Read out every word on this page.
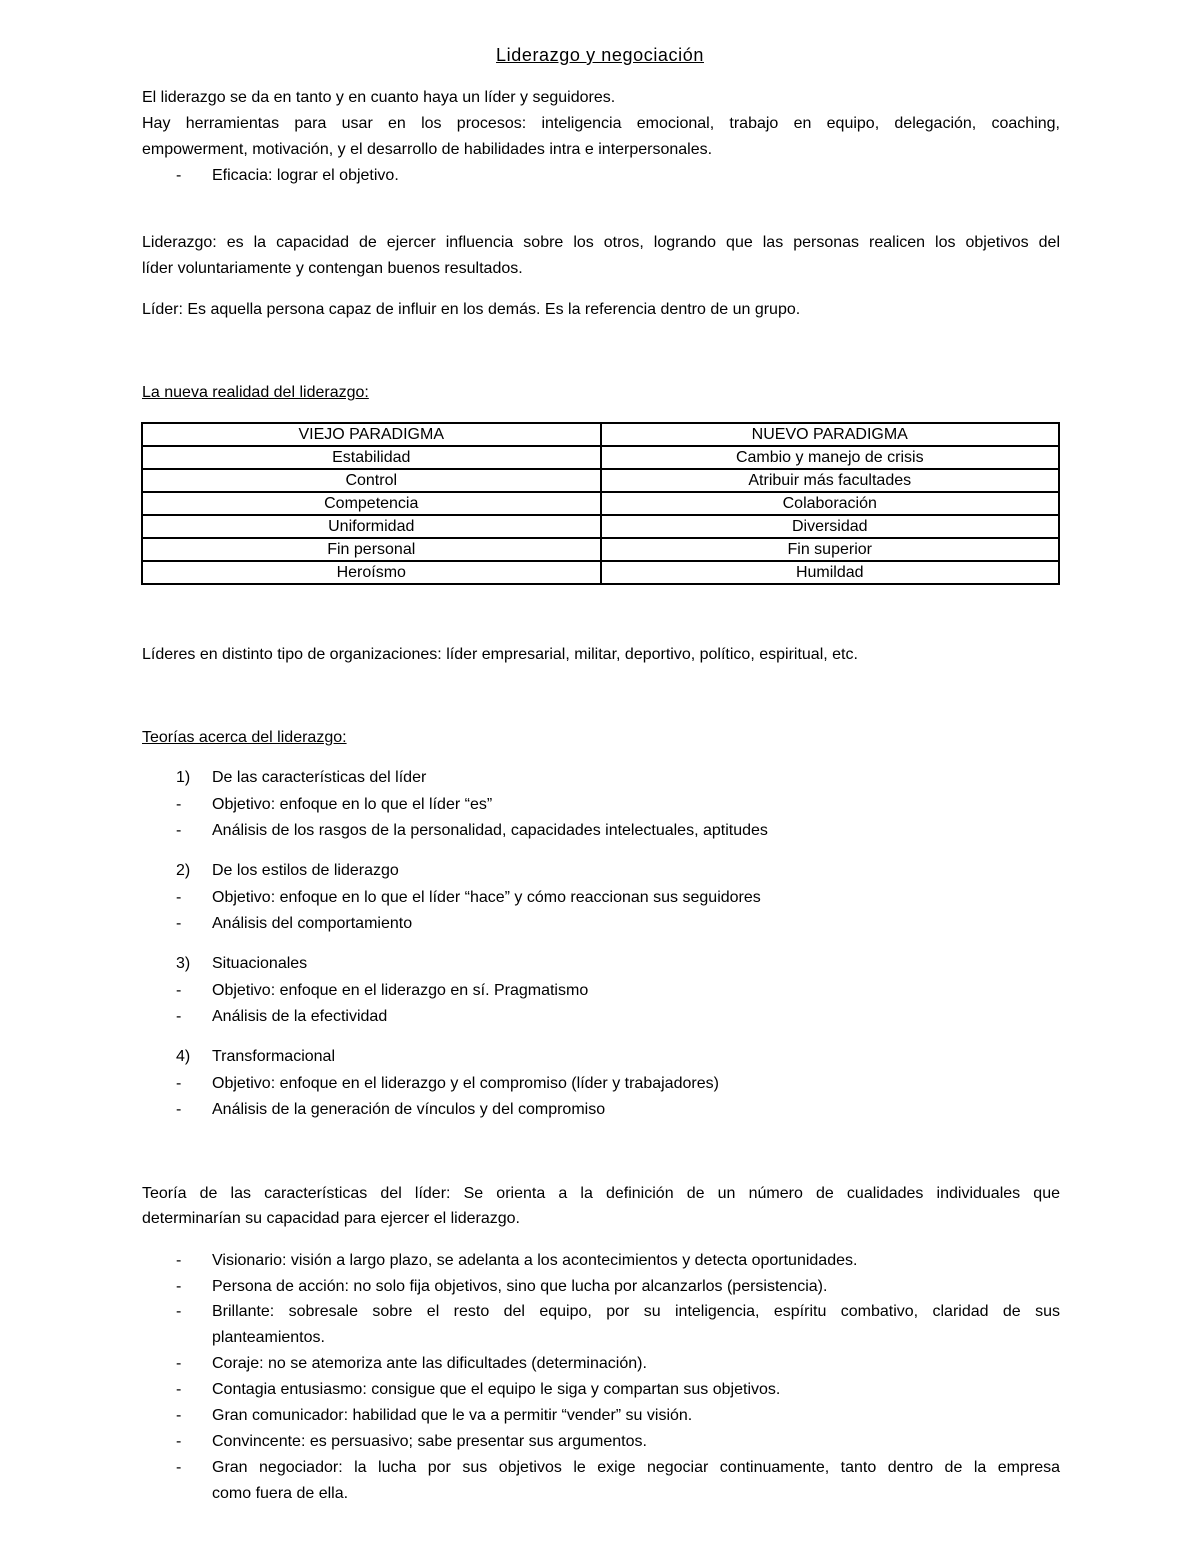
Liderazgo y negociación
El liderazgo se da en tanto y en cuanto haya un líder y seguidores.
Hay herramientas para usar en los procesos: inteligencia emocional, trabajo en equipo, delegación, coaching,
empowerment, motivación, y el desarrollo de habilidades intra e interpersonales.
- Eficacia: lograr el objetivo.
Liderazgo: es la capacidad de ejercer influencia sobre los otros, logrando que las personas realicen los objetivos del
líder voluntariamente y contengan buenos resultados.
Líder: Es aquella persona capaz de influir en los demás. Es la referencia dentro de un grupo.
La nueva realidad del liderazgo:
VIEJO PARADIGMA	NUEVO PARADIGMA
Estabilidad	Cambio y manejo de crisis
Control	Atribuir más facultades
Competencia	Colaboración
Uniformidad	Diversidad
Fin personal	Fin superior
Heroísmo	Humildad
Líderes en distinto tipo de organizaciones: líder empresarial, militar, deportivo, político, espiritual, etc.
Teorías acerca del liderazgo:
1) De las características del líder
- Objetivo: enfoque en lo que el líder “es”
- Análisis de los rasgos de la personalidad, capacidades intelectuales, aptitudes
2) De los estilos de liderazgo
- Objetivo: enfoque en lo que el líder “hace” y cómo reaccionan sus seguidores
- Análisis del comportamiento
3) Situacionales
- Objetivo: enfoque en el liderazgo en sí. Pragmatismo
- Análisis de la efectividad
4) Transformacional
- Objetivo: enfoque en el liderazgo y el compromiso (líder y trabajadores)
- Análisis de la generación de vínculos y del compromiso
Teoría de las características del líder: Se orienta a la definición de un número de cualidades individuales que
determinarían su capacidad para ejercer el liderazgo.
- Visionario: visión a largo plazo, se adelanta a los acontecimientos y detecta oportunidades.
- Persona de acción: no solo fija objetivos, sino que lucha por alcanzarlos (persistencia).
- Brillante: sobresale sobre el resto del equipo, por su inteligencia, espíritu combativo, claridad de sus
planteamientos.
- Coraje: no se atemoriza ante las dificultades (determinación).
- Contagia entusiasmo: consigue que el equipo le siga y compartan sus objetivos.
- Gran comunicador: habilidad que le va a permitir “vender” su visión.
- Convincente: es persuasivo; sabe presentar sus argumentos.
- Gran negociador: la lucha por sus objetivos le exige negociar continuamente, tanto dentro de la empresa
como fuera de ella.
